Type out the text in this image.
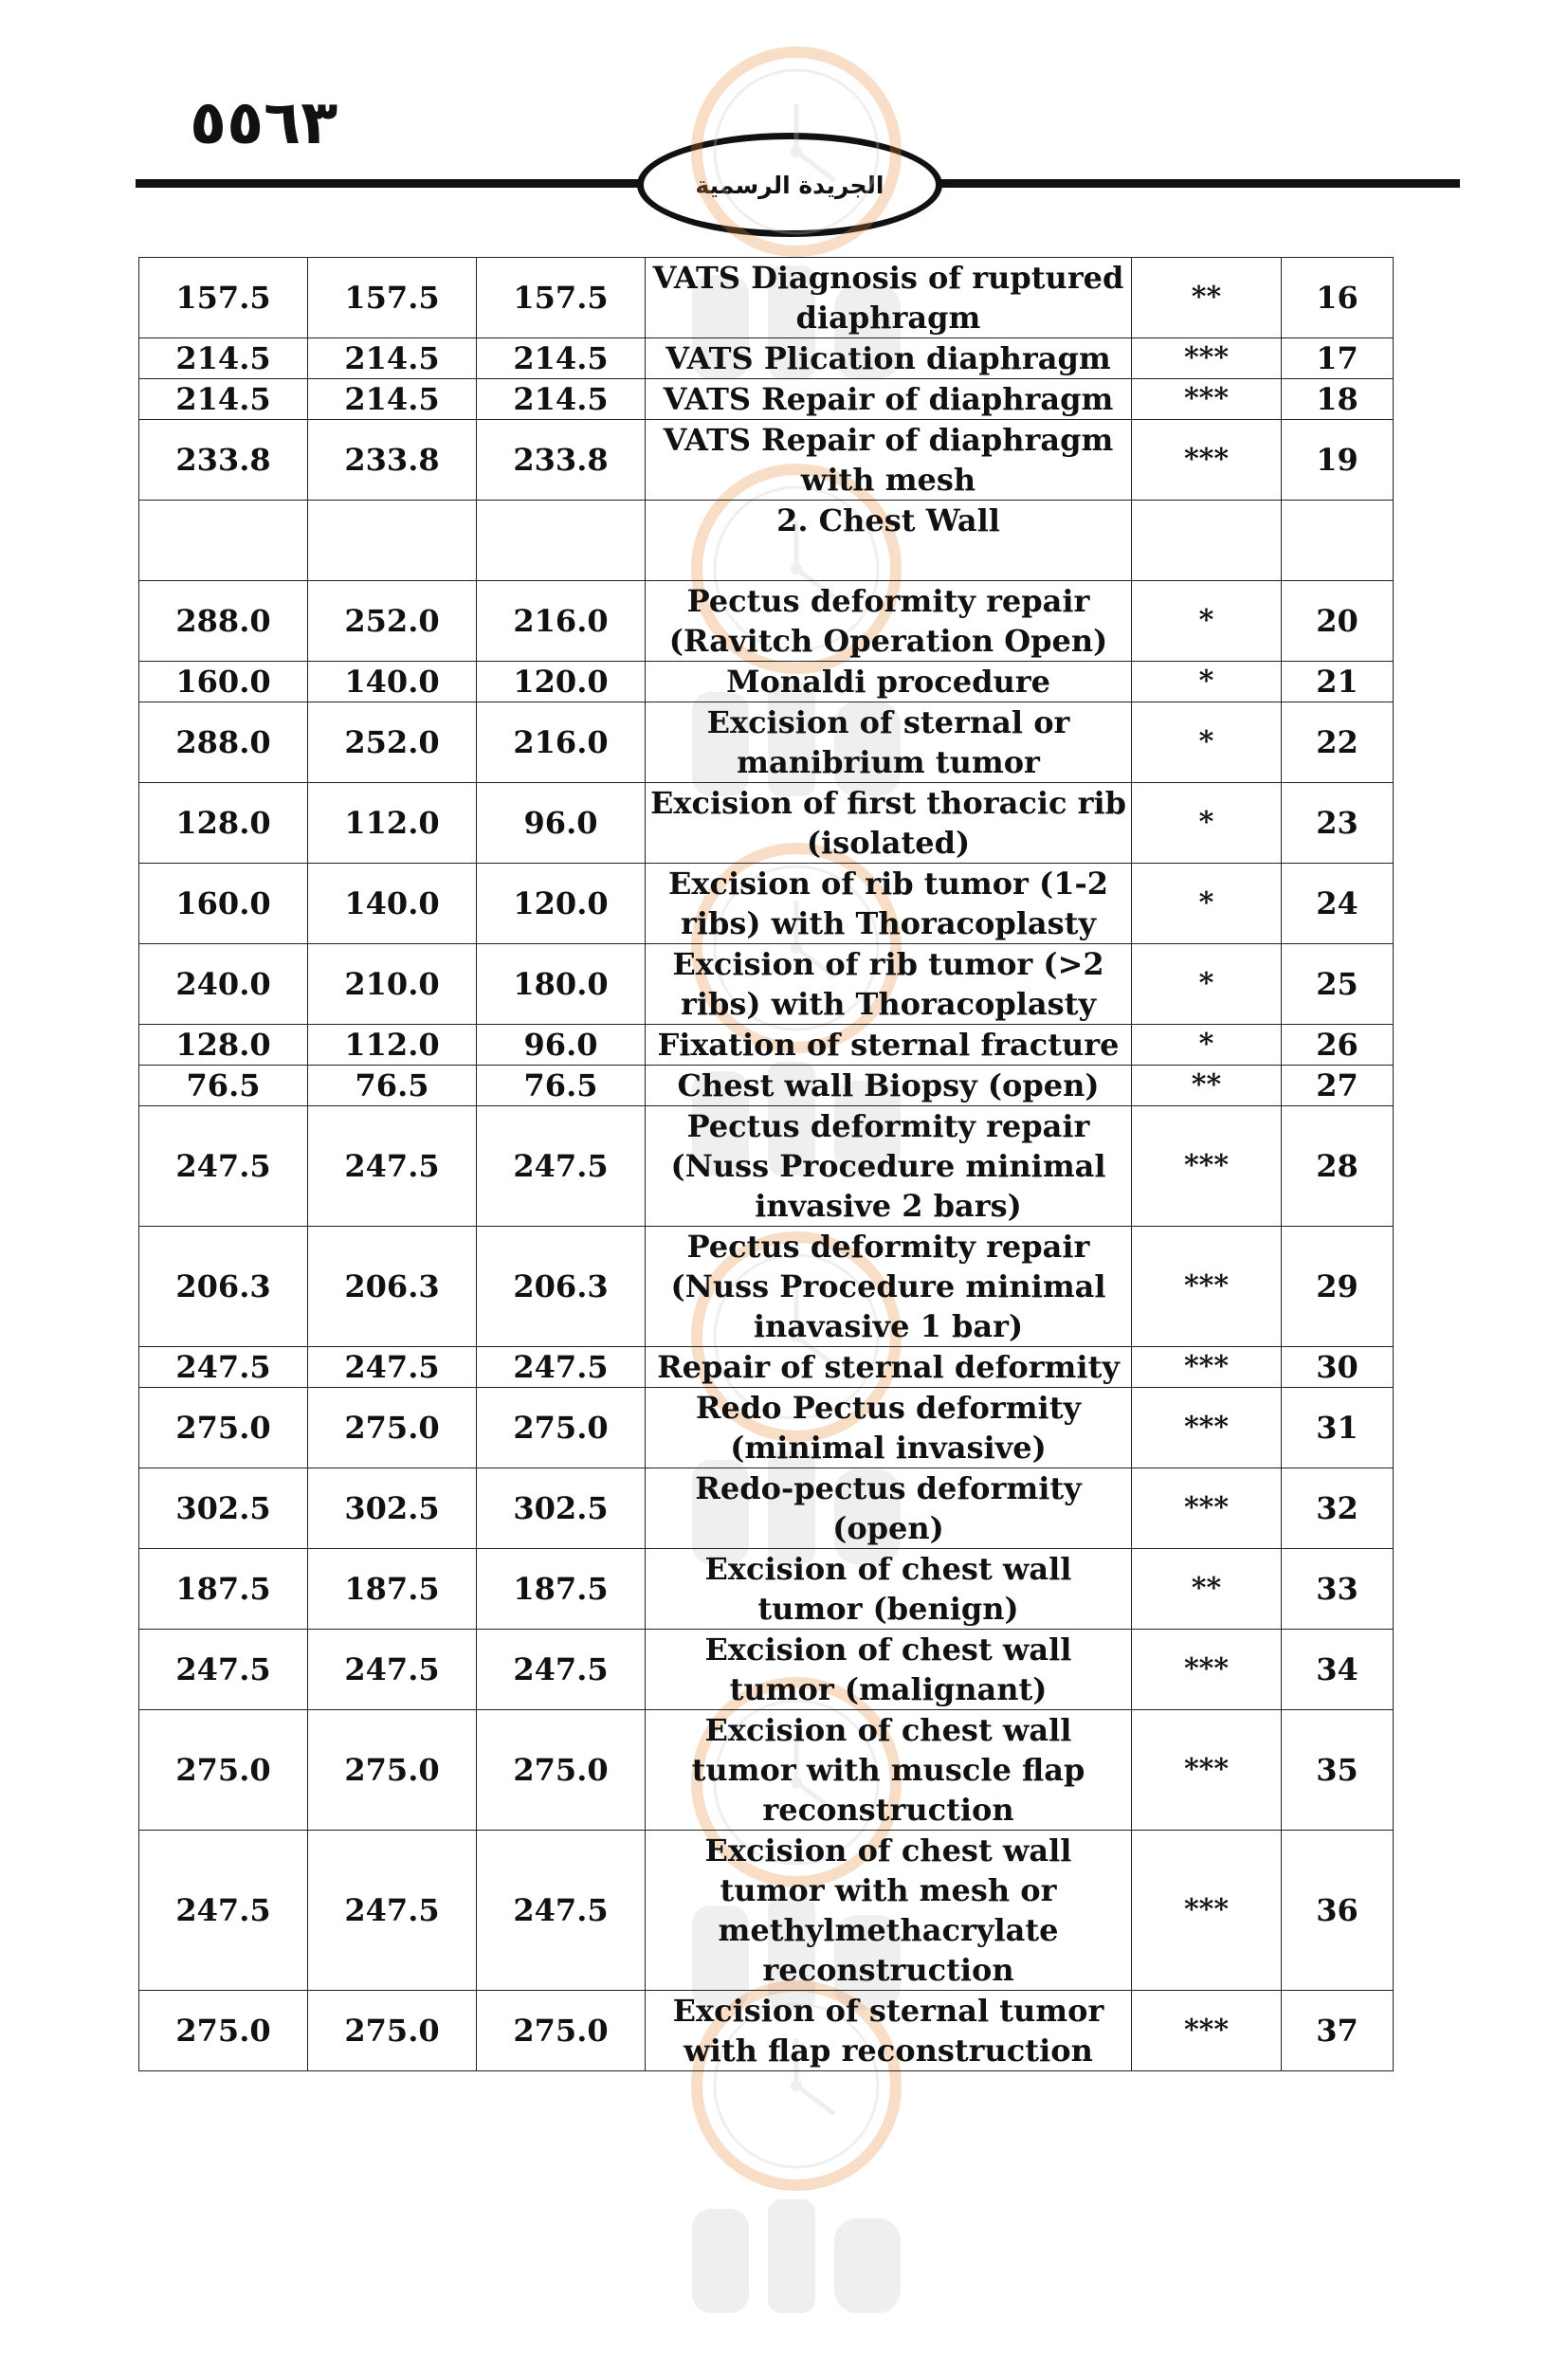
٥٥٦٣
الجريدة الرسمية
157.5	157.5	157.5	VATS Diagnosis of ruptured diaphragm	**	16
214.5	214.5	214.5	VATS Plication diaphragm	***	17
214.5	214.5	214.5	VATS Repair of diaphragm	***	18
233.8	233.8	233.8	VATS Repair of diaphragm with mesh	***	19
			2. Chest Wall		
288.0	252.0	216.0	Pectus deformity repair (Ravitch Operation Open)	*	20
160.0	140.0	120.0	Monaldi procedure	*	21
288.0	252.0	216.0	Excision of sternal or manibrium tumor	*	22
128.0	112.0	96.0	Excision of first thoracic rib (isolated)	*	23
160.0	140.0	120.0	Excision of rib tumor (1-2 ribs) with Thoracoplasty	*	24
240.0	210.0	180.0	Excision of rib tumor (>2 ribs) with Thoracoplasty	*	25
128.0	112.0	96.0	Fixation of sternal fracture	*	26
76.5	76.5	76.5	Chest wall Biopsy (open)	**	27
247.5	247.5	247.5	Pectus deformity repair (Nuss Procedure minimal invasive 2 bars)	***	28
206.3	206.3	206.3	Pectus deformity repair (Nuss Procedure minimal inavasive 1 bar)	***	29
247.5	247.5	247.5	Repair of sternal deformity	***	30
275.0	275.0	275.0	Redo Pectus deformity (minimal invasive)	***	31
302.5	302.5	302.5	Redo-pectus deformity (open)	***	32
187.5	187.5	187.5	Excision of chest wall tumor (benign)	**	33
247.5	247.5	247.5	Excision of chest wall tumor (malignant)	***	34
275.0	275.0	275.0	Excision of chest wall tumor with muscle flap reconstruction	***	35
247.5	247.5	247.5	Excision of chest wall tumor with mesh or methylmethacrylate reconstruction	***	36
275.0	275.0	275.0	Excision of sternal tumor with flap reconstruction	***	37
